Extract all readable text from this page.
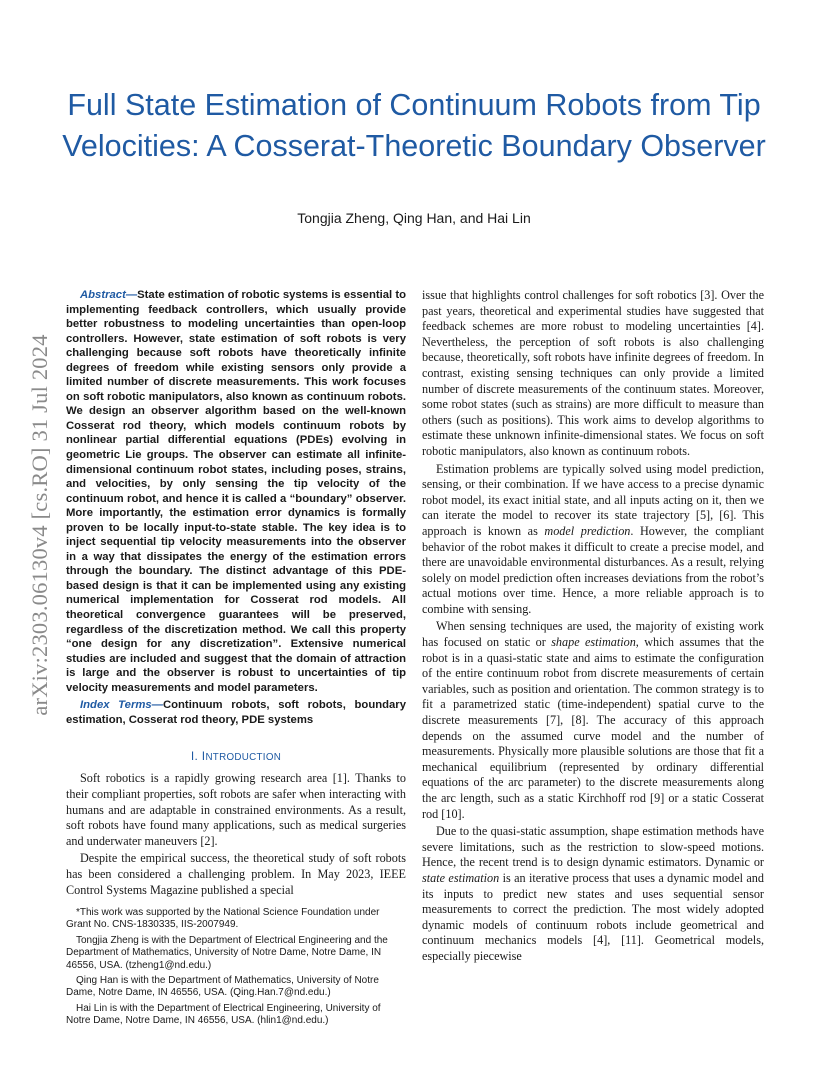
Full State Estimation of Continuum Robots from Tip Velocities: A Cosserat-Theoretic Boundary Observer
Tongjia Zheng, Qing Han, and Hai Lin
arXiv:2303.06130v4 [cs.RO] 31 Jul 2024

Abstract—State estimation of robotic systems is essential to implementing feedback controllers, which usually provide better robustness to modeling uncertainties than open-loop controllers. However, state estimation of soft robots is very challenging because soft robots have theoretically infinite degrees of freedom while existing sensors only provide a limited number of discrete measurements. This work focuses on soft robotic manipulators, also known as continuum robots. We design an observer algorithm based on the well-known Cosserat rod theory, which models continuum robots by nonlinear partial differential equations (PDEs) evolving in geometric Lie groups. The observer can estimate all infinite-dimensional continuum robot states, including poses, strains, and velocities, by only sensing the tip velocity of the continuum robot, and hence it is called a “boundary” observer. More importantly, the estimation error dynamics is formally proven to be locally input-to-state stable. The key idea is to inject sequential tip velocity measurements into the observer in a way that dissipates the energy of the estimation errors through the boundary. The distinct advantage of this PDE-based design is that it can be implemented using any existing numerical implementation for Cosserat rod models. All theoretical convergence guarantees will be preserved, regardless of the discretization method. We call this property “one design for any discretization”. Extensive numerical studies are included and suggest that the domain of attraction is large and the observer is robust to uncertainties of tip velocity measurements and model parameters.

Index Terms—Continuum robots, soft robots, boundary estimation, Cosserat rod theory, PDE systems

I. INTRODUCTION

Soft robotics is a rapidly growing research area [1]. Thanks to their compliant properties, soft robots are safer when interacting with humans and are adaptable in constrained environments. As a result, soft robots have found many applications, such as medical surgeries and underwater maneuvers [2].

Despite the empirical success, the theoretical study of soft robots has been considered a challenging problem. In May 2023, IEEE Control Systems Magazine published a special

*This work was supported by the National Science Foundation under Grant No. CNS-1830335, IIS-2007949.

Tongjia Zheng is with the Department of Electrical Engineering and the Department of Mathematics, University of Notre Dame, Notre Dame, IN 46556, USA. (tzheng1@nd.edu.)

Qing Han is with the Department of Mathematics, University of Notre Dame, Notre Dame, IN 46556, USA. (Qing.Han.7@nd.edu.)

Hai Lin is with the Department of Electrical Engineering, University of Notre Dame, Notre Dame, IN 46556, USA. (hlin1@nd.edu.)

issue that highlights control challenges for soft robotics [3]. Over the past years, theoretical and experimental studies have suggested that feedback schemes are more robust to modeling uncertainties [4]. Nevertheless, the perception of soft robots is also challenging because, theoretically, soft robots have infinite degrees of freedom. In contrast, existing sensing techniques can only provide a limited number of discrete measurements of the continuum states. Moreover, some robot states (such as strains) are more difficult to measure than others (such as positions). This work aims to develop algorithms to estimate these unknown infinite-dimensional states. We focus on soft robotic manipulators, also known as continuum robots.

Estimation problems are typically solved using model prediction, sensing, or their combination. If we have access to a precise dynamic robot model, its exact initial state, and all inputs acting on it, then we can iterate the model to recover its state trajectory [5], [6]. This approach is known as model prediction. However, the compliant behavior of the robot makes it difficult to create a precise model, and there are unavoidable environmental disturbances. As a result, relying solely on model prediction often increases deviations from the robot’s actual motions over time. Hence, a more reliable approach is to combine with sensing.

When sensing techniques are used, the majority of existing work has focused on static or shape estimation, which assumes that the robot is in a quasi-static state and aims to estimate the configuration of the entire continuum robot from discrete measurements of certain variables, such as position and orientation. The common strategy is to fit a parametrized static (time-independent) spatial curve to the discrete measurements [7], [8]. The accuracy of this approach depends on the assumed curve model and the number of measurements. Physically more plausible solutions are those that fit a mechanical equilibrium (represented by ordinary differential equations of the arc parameter) to the discrete measurements along the arc length, such as a static Kirchhoff rod [9] or a static Cosserat rod [10].

Due to the quasi-static assumption, shape estimation methods have severe limitations, such as the restriction to slow-speed motions. Hence, the recent trend is to design dynamic estimators. Dynamic or state estimation is an iterative process that uses a dynamic model and its inputs to predict new states and uses sequential sensor measurements to correct the prediction. The most widely adopted dynamic models of continuum robots include geometrical and continuum mechanics models [4], [11]. Geometrical models, especially piecewise
